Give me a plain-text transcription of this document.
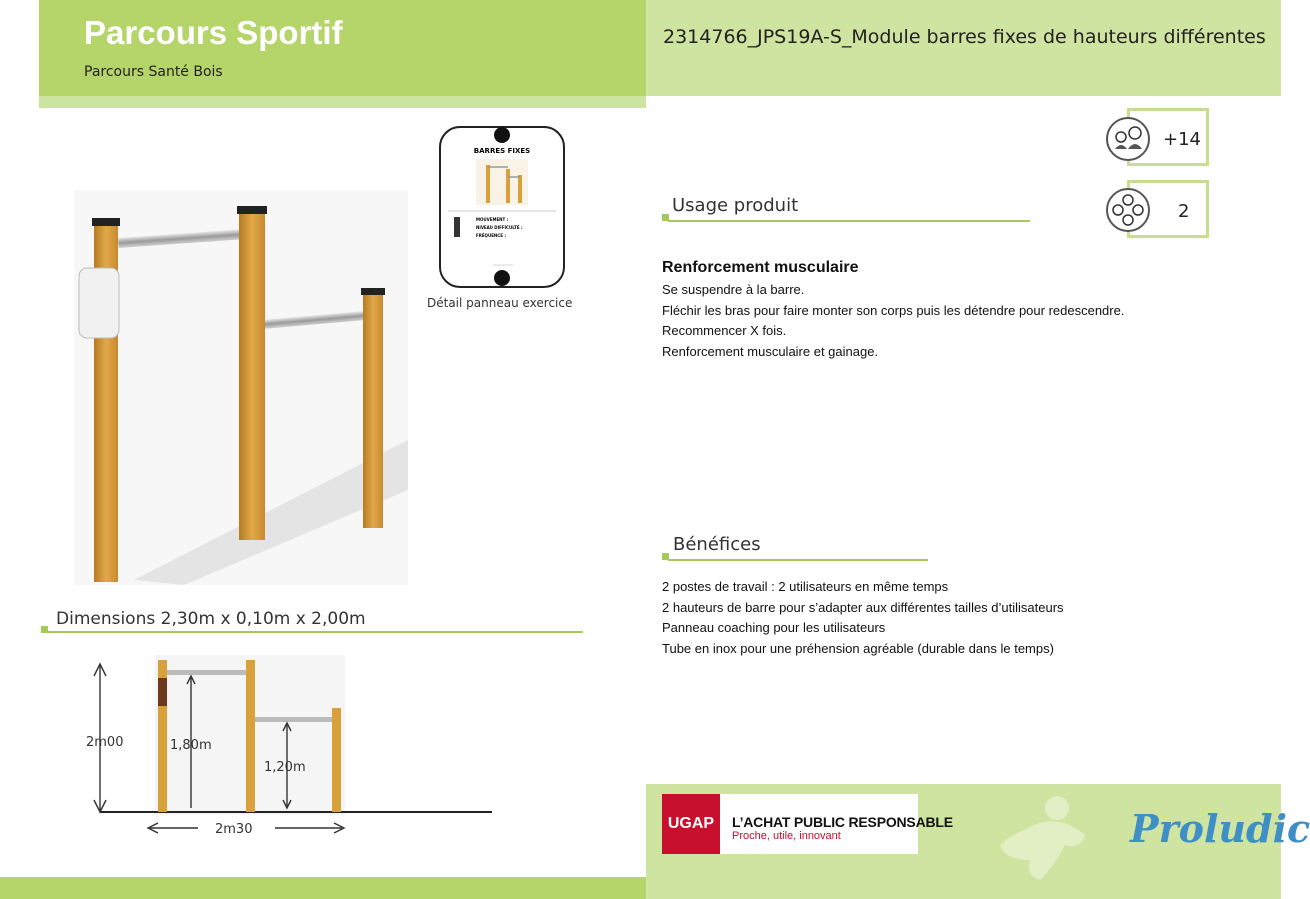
Parcours Sportif
Parcours Santé Bois
2314766_JPS19A-S_Module barres fixes de hauteurs différentes
BARRES FIXES
MOUVEMENT :
NIVEAU DIFFICULTÉ :
FRÉQUENCE :
Détail panneau exercice
Dimensions 2,30m x 0,10m x 2,00m
2m00	1,80m
1,20m
2m30
+14
2
Usage produit
Renforcement musculaire
Se suspendre à la barre.
Fléchir les bras pour faire monter son corps puis les détendre pour redescendre.
Recommencer X fois.
Renforcement musculaire et gainage.
Bénéfices
2 postes de travail : 2 utilisateurs en même temps
2 hauteurs de barre pour s’adapter aux différentes tailles d’utilisateurs
Panneau coaching pour les utilisateurs
Tube en inox pour une préhension agréable (durable dans le temps)
UGAP	L’ACHAT PUBLIC RESPONSABLE
Proche, utile, innovant	Proludic
